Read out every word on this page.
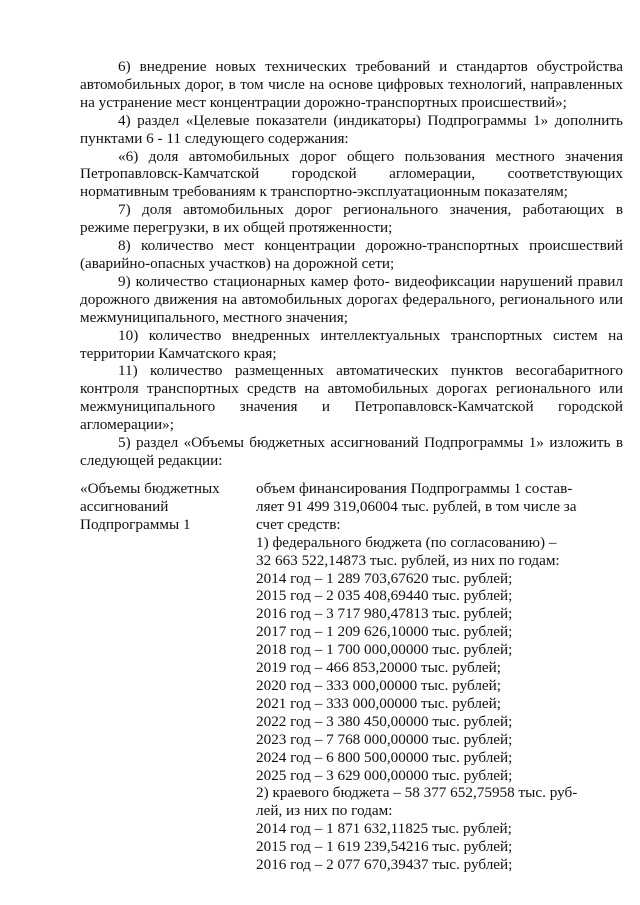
6) внедрение новых технических требований и стандартов обустройства автомобильных дорог, в том числе на основе цифровых технологий, направленных на устранение мест концентрации дорожно-транспортных происшествий»;

4) раздел «Целевые показатели (индикаторы) Подпрограммы 1» дополнить пунктами 6 - 11 следующего содержания:

«6) доля автомобильных дорог общего пользования местного значения Петропавловск-Камчатской городской агломерации, соответствующих нормативным требованиям к транспортно-эксплуатационным показателям;

7) доля автомобильных дорог регионального значения, работающих в режиме перегрузки, в их общей протяженности;

8) количество мест концентрации дорожно-транспортных происшествий (аварийно-опасных участков) на дорожной сети;

9) количество стационарных камер фото- видеофиксации нарушений правил дорожного движения на автомобильных дорогах федерального, регионального или межмуниципального, местного значения;

10) количество внедренных интеллектуальных транспортных систем на территории Камчатского края;

11) количество размещенных автоматических пунктов весогабаритного контроля транспортных средств на автомобильных дорогах регионального или межмуниципального значения и Петропавловск-Камчатской городской агломерации»;

5) раздел «Объемы бюджетных ассигнований Подпрограммы 1» изложить в следующей редакции:

«Объемы бюджетных
ассигнований
Подпрограммы 1
объем финансирования Подпрограммы 1 состав-
ляет 91 499 319,06004 тыс. рублей, в том числе за
счет средств:
1) федерального бюджета (по согласованию) –
32 663 522,14873 тыс. рублей, из них по годам:
2014 год – 1 289 703,67620 тыс. рублей;
2015 год – 2 035 408,69440 тыс. рублей;
2016 год – 3 717 980,47813 тыс. рублей;
2017 год – 1 209 626,10000 тыс. рублей;
2018 год – 1 700 000,00000 тыс. рублей;
2019 год – 466 853,20000 тыс. рублей;
2020 год – 333 000,00000 тыс. рублей;
2021 год – 333 000,00000 тыс. рублей;
2022 год – 3 380 450,00000 тыс. рублей;
2023 год – 7 768 000,00000 тыс. рублей;
2024 год – 6 800 500,00000 тыс. рублей;
2025 год – 3 629 000,00000 тыс. рублей;
2) краевого бюджета – 58 377 652,75958 тыс. руб-
лей, из них по годам:
2014 год – 1 871 632,11825 тыс. рублей;
2015 год – 1 619 239,54216 тыс. рублей;
2016 год – 2 077 670,39437 тыс. рублей;
